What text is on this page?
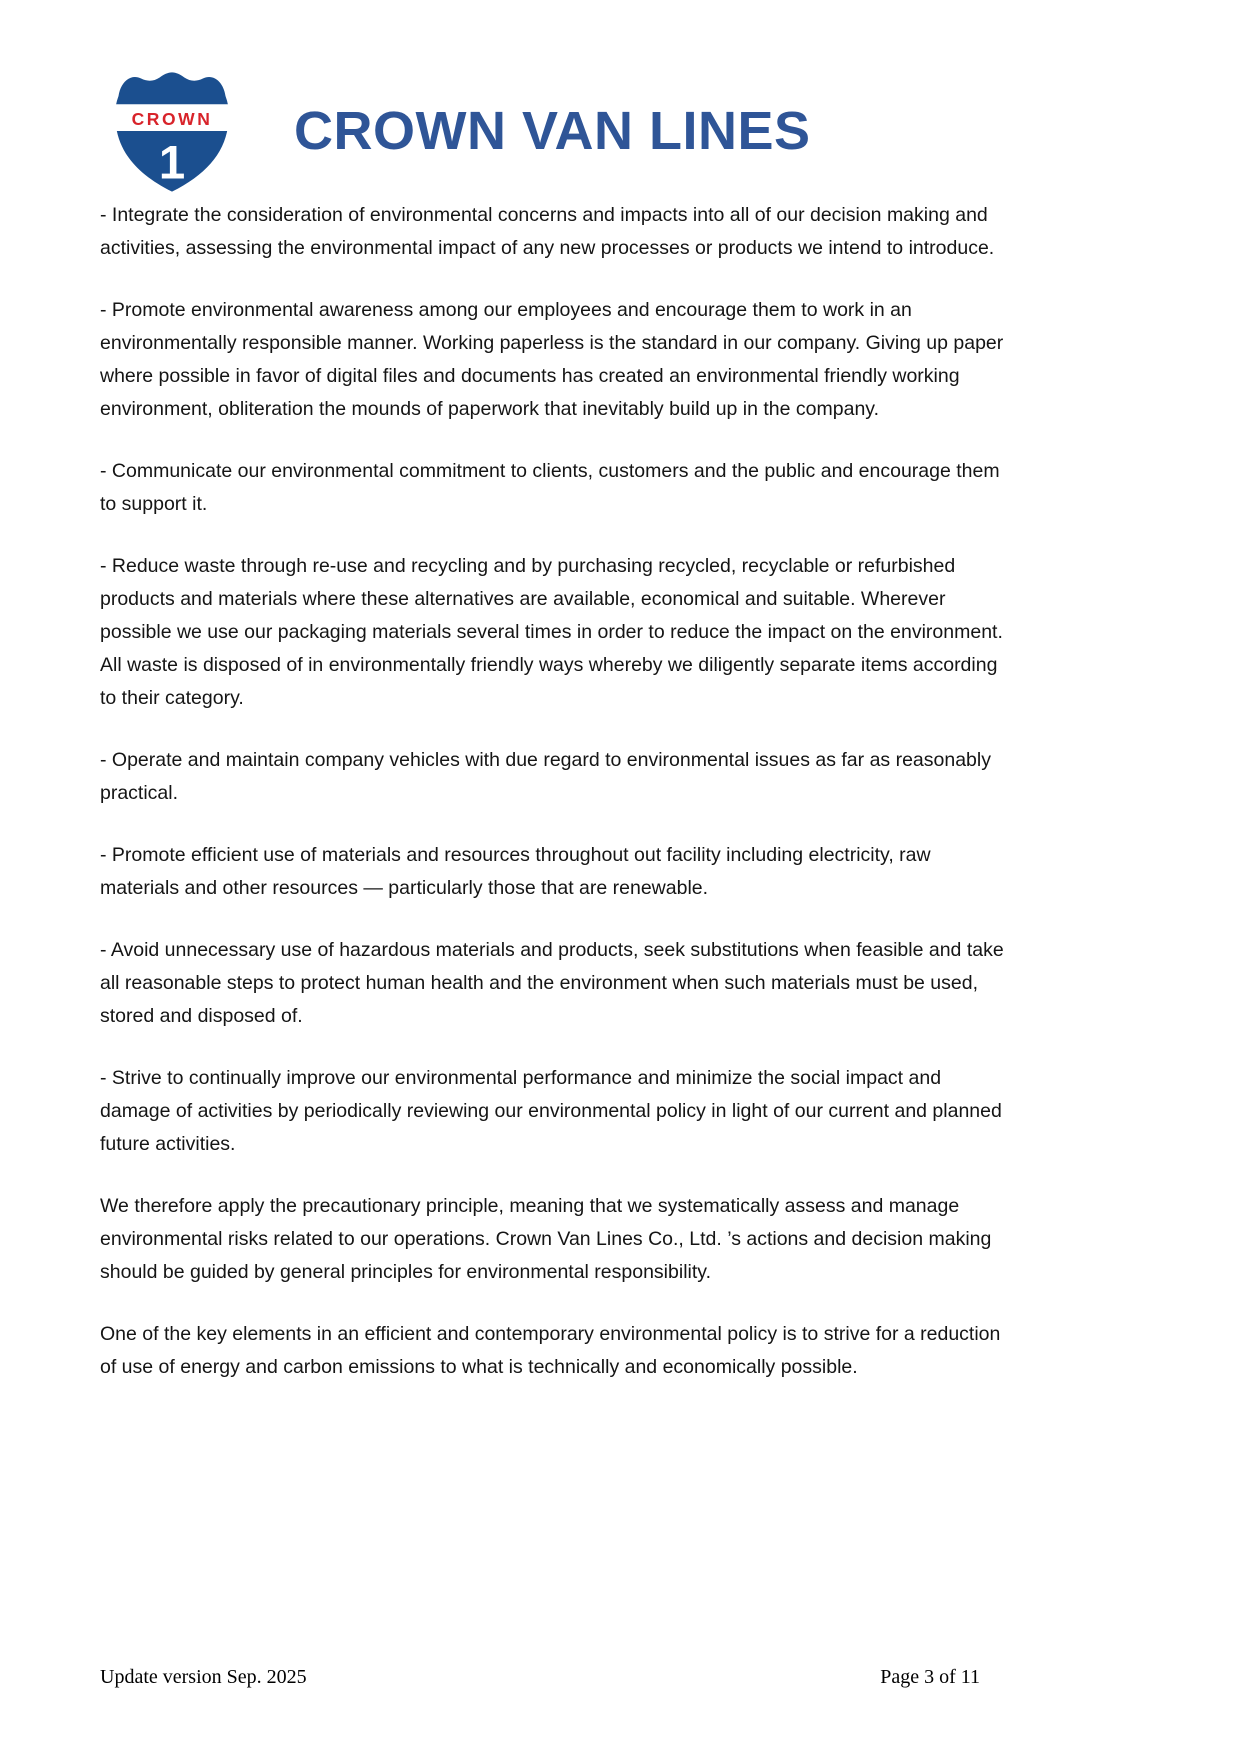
CROWN
1
CROWN VAN LINES

- Integrate the consideration of environmental concerns and impacts into all of our decision making and activities, assessing the environmental impact of any new processes or products we intend to introduce.

- Promote environmental awareness among our employees and encourage them to work in an environmentally responsible manner. Working paperless is the standard in our company. Giving up paper where possible in favor of digital files and documents has created an environmental friendly working environment, obliteration the mounds of paperwork that inevitably build up in the company.

- Communicate our environmental commitment to clients, customers and the public and encourage them to support it.

- Reduce waste through re-use and recycling and by purchasing recycled, recyclable or refurbished products and materials where these alternatives are available, economical and suitable. Wherever possible we use our packaging materials several times in order to reduce the impact on the environment. All waste is disposed of in environmentally friendly ways whereby we diligently separate items according to their category.

- Operate and maintain company vehicles with due regard to environmental issues as far as reasonably practical.

- Promote efficient use of materials and resources throughout out facility including electricity, raw materials and other resources — particularly those that are renewable.

- Avoid unnecessary use of hazardous materials and products, seek substitutions when feasible and take all reasonable steps to protect human health and the environment when such materials must be used, stored and disposed of.

- Strive to continually improve our environmental performance and minimize the social impact and damage of activities by periodically reviewing our environmental policy in light of our current and planned future activities.

We therefore apply the precautionary principle, meaning that we systematically assess and manage environmental risks related to our operations. Crown Van Lines Co., Ltd. ’s actions and decision making should be guided by general principles for environmental responsibility.

One of the key elements in an efficient and contemporary environmental policy is to strive for a reduction of use of energy and carbon emissions to what is technically and economically possible.

Update version Sep. 2025	Page 3 of 11
